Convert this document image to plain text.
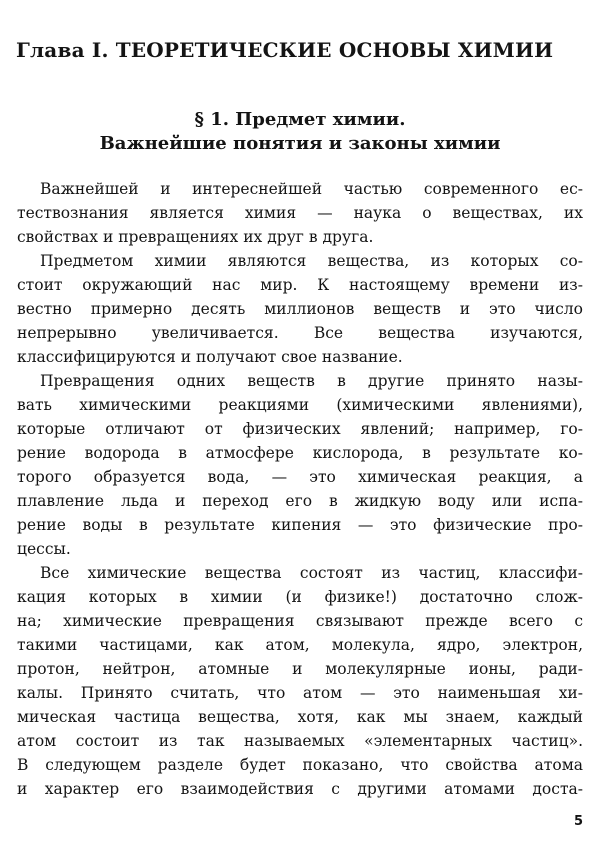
Глава I. ТЕОРЕТИЧЕСКИЕ ОСНОВЫ ХИМИИ
§ 1. Предмет химии.
Важнейшие понятия и законы химии
Важнейшей и интереснейшей частью современного ес-
тествознания является химия — наука о веществах, их
свойствах и превращениях их друг в друга.
Предметом химии являются вещества, из которых со-
стоит окружающий нас мир. К настоящему времени из-
вестно примерно десять миллионов веществ и это число
непрерывно увеличивается. Все вещества изучаются,
классифицируются и получают свое название.
Превращения одних веществ в другие принято назы-
вать химическими реакциями (химическими явлениями),
которые отличают от физических явлений; например, го-
рение водорода в атмосфере кислорода, в результате ко-
торого образуется вода, — это химическая реакция, а
плавление льда и переход его в жидкую воду или испа-
рение воды в результате кипения — это физические про-
цессы.
Все химические вещества состоят из частиц, классифи-
кация которых в химии (и физике!) достаточно слож-
на; химические превращения связывают прежде всего с
такими частицами, как атом, молекула, ядро, электрон,
протон, нейтрон, атомные и молекулярные ионы, ради-
калы. Принято считать, что атом — это наименьшая хи-
мическая частица вещества, хотя, как мы знаем, каждый
атом состоит из так называемых «элементарных частиц».
В следующем разделе будет показано, что свойства атома
и характер его взаимодействия с другими атомами доста-
5
